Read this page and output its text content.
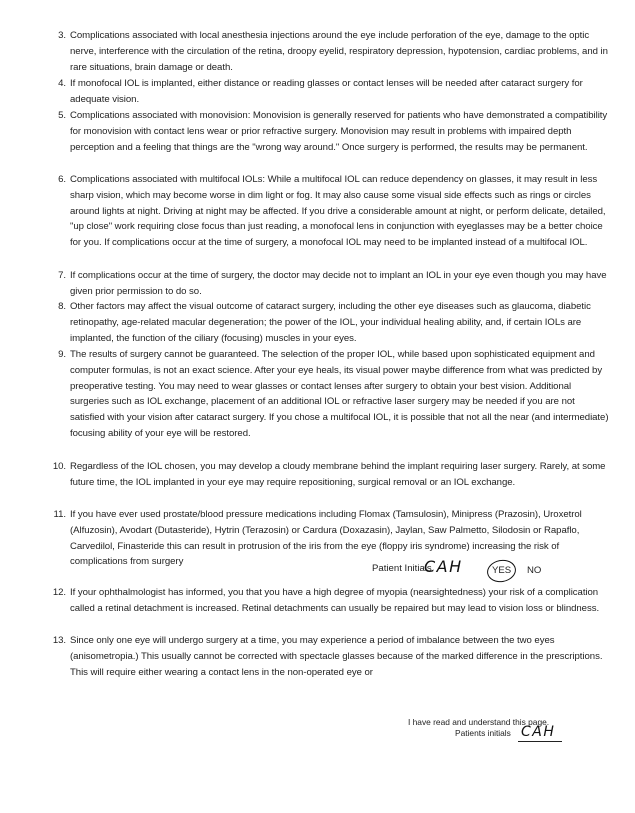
3. Complications associated with local anesthesia injections around the eye include perforation of the eye, damage to the optic nerve, interference with the circulation of the retina, droopy eyelid, respiratory depression, hypotension, cardiac problems, and in rare situations, brain damage or death.
4. If monofocal IOL is implanted, either distance or reading glasses or contact lenses will be needed after cataract surgery for adequate vision.
5. Complications associated with monovision: Monovision is generally reserved for patients who have demonstrated a compatibility for monovision with contact lens wear or prior refractive surgery. Monovision may result in problems with impaired depth perception and a feeling that things are the "wrong way around." Once surgery is performed, the results may be permanent.
6. Complications associated with multifocal IOLs: While a multifocal IOL can reduce dependency on glasses, it may result in less sharp vision, which may become worse in dim light or fog. It may also cause some visual side effects such as rings or circles around lights at night. Driving at night may be affected. If you drive a considerable amount at night, or perform delicate, detailed, "up close" work requiring close focus than just reading, a monofocal lens in conjunction with eyeglasses may be a better choice for you. If complications occur at the time of surgery, a monofocal IOL may need to be implanted instead of a multifocal IOL.
7. If complications occur at the time of surgery, the doctor may decide not to implant an IOL in your eye even though you may have given prior permission to do so.
8. Other factors may affect the visual outcome of cataract surgery, including the other eye diseases such as glaucoma, diabetic retinopathy, age-related macular degeneration; the power of the IOL, your individual healing ability, and, if certain IOLs are implanted, the function of the ciliary (focusing) muscles in your eyes.
9. The results of surgery cannot be guaranteed. The selection of the proper IOL, while based upon sophisticated equipment and computer formulas, is not an exact science. After your eye heals, its visual power maybe difference from what was predicted by preoperative testing. You may need to wear glasses or contact lenses after surgery to obtain your best vision. Additional surgeries such as IOL exchange, placement of an additional IOL or refractive laser surgery may be needed if you are not satisfied with your vision after cataract surgery. If you chose a multifocal IOL, it is possible that not all the near (and intermediate) focusing ability of your eye will be restored.
10. Regardless of the IOL chosen, you may develop a cloudy membrane behind the implant requiring laser surgery. Rarely, at some future time, the IOL implanted in your eye may require repositioning, surgical removal or an IOL exchange.
11. If you have ever used prostate/blood pressure medications including Flomax (Tamsulosin), Minipress (Prazosin), Uroxetrol (Alfuzosin), Avodart (Dutasteride), Hytrin (Terazosin) or Cardura (Doxazasin), Jaylan, Saw Palmetto, Silodosin or Rapaflo, Carvedilol, Finasteride this can result in protrusion of the iris from the eye (floppy iris syndrome) increasing the risk of complications from surgery
Patient Initials
CAH	YES NO
12. If your ophthalmologist has informed, you that you have a high degree of myopia (nearsightedness) your risk of a complication called a retinal detachment is increased. Retinal detachments can usually be repaired but may lead to vision loss or blindness.
13. Since only one eye will undergo surgery at a time, you may experience a period of imbalance between the two eyes (anisometropia.) This usually cannot be corrected with spectacle glasses because of the marked difference in the prescriptions. This will require either wearing a contact lens in the non-operated eye or
I have read and understand this page.
Patients initials CAH
